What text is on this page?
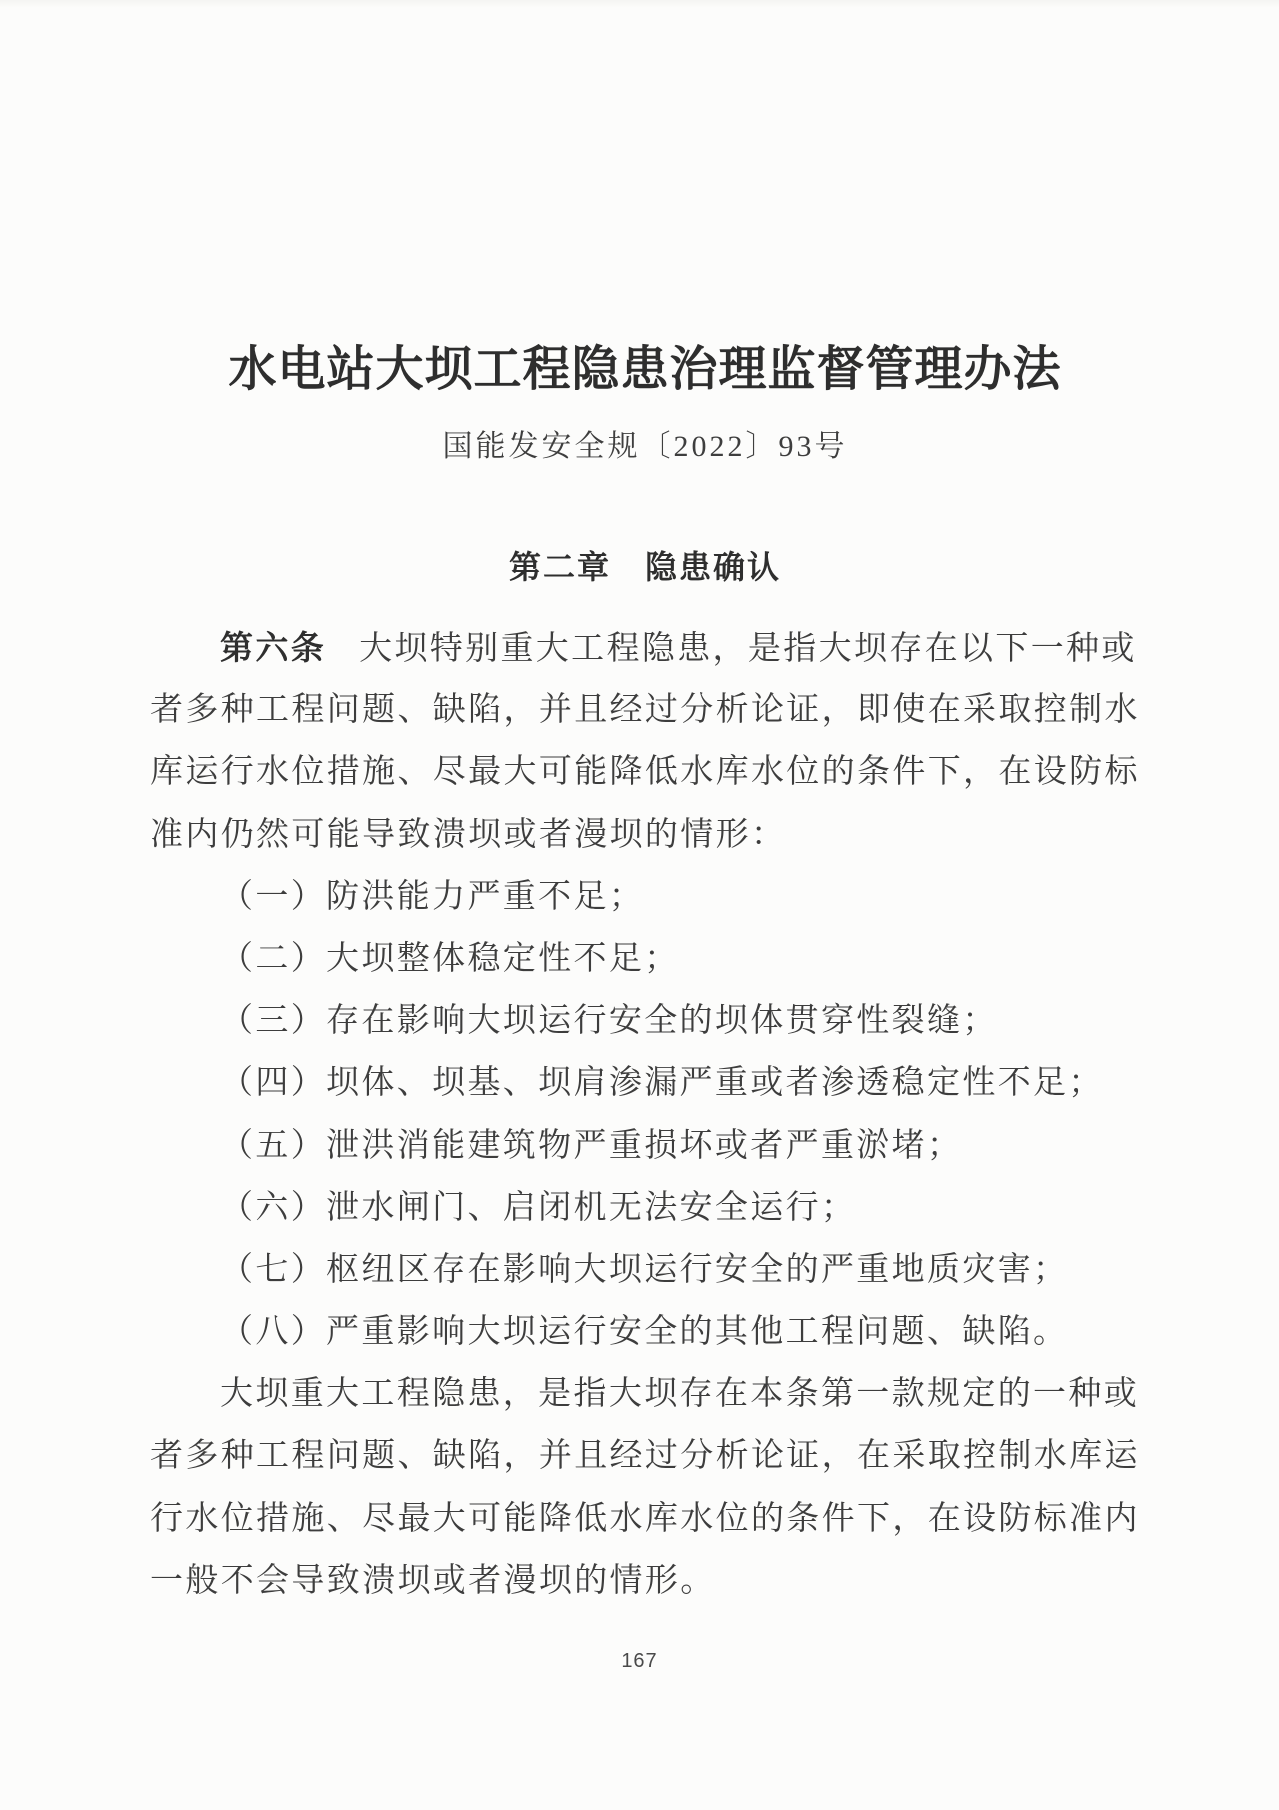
水电站大坝工程隐患治理监督管理办法
国能发安全规〔2022〕93号
第二章　隐患确认
第六条 大坝特别重大工程隐患，是指大坝存在以下一种或
者多种工程问题、缺陷，并且经过分析论证，即使在采取控制水
库运行水位措施、尽最大可能降低水库水位的条件下，在设防标
准内仍然可能导致溃坝或者漫坝的情形：
（一）防洪能力严重不足；
（二）大坝整体稳定性不足；
（三）存在影响大坝运行安全的坝体贯穿性裂缝；
（四）坝体、坝基、坝肩渗漏严重或者渗透稳定性不足；
（五）泄洪消能建筑物严重损坏或者严重淤堵；
（六）泄水闸门、启闭机无法安全运行；
（七）枢纽区存在影响大坝运行安全的严重地质灾害；
（八）严重影响大坝运行安全的其他工程问题、缺陷。
大坝重大工程隐患，是指大坝存在本条第一款规定的一种或
者多种工程问题、缺陷，并且经过分析论证，在采取控制水库运
行水位措施、尽最大可能降低水库水位的条件下，在设防标准内
一般不会导致溃坝或者漫坝的情形。
167
